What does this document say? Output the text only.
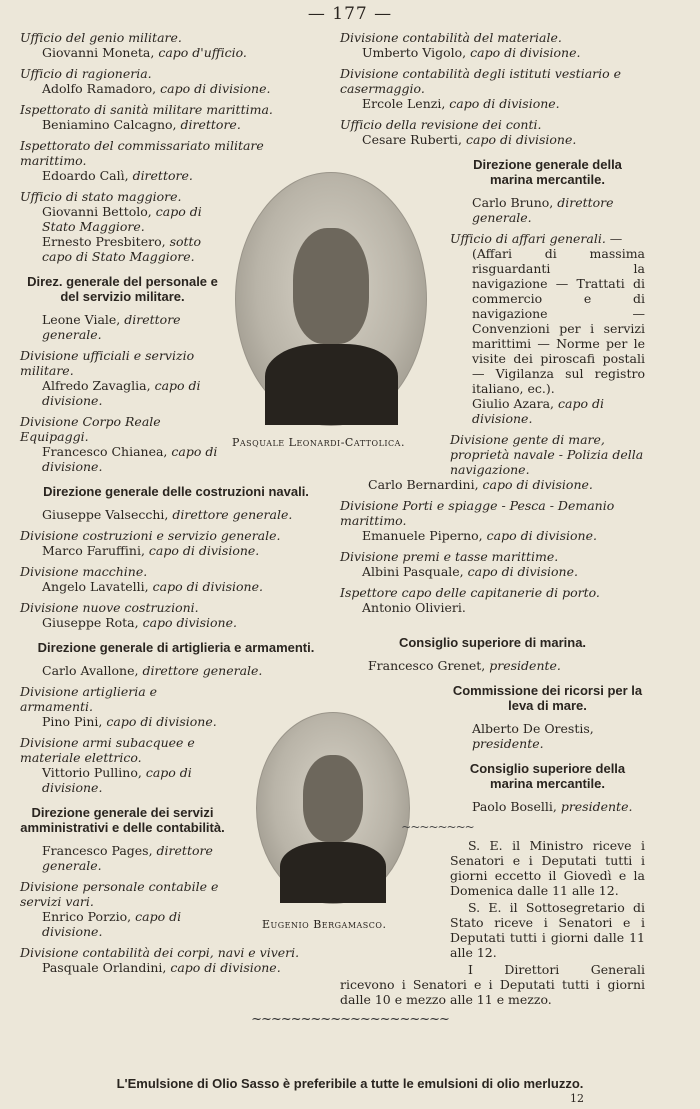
— 177 —
Ufficio del genio militare.
Giovanni Moneta, capo d'ufficio.
Ufficio di ragioneria.
Adolfo Ramadoro, capo di divisione.
Ispettorato di sanità militare marittima.
Beniamino Calcagno, direttore.
Ispettorato del commissariato militare marittimo.
Edoardo Calì, direttore.
Ufficio di stato maggiore.
Giovanni Bettolo, capo di Stato Maggiore.
Ernesto Presbitero, sotto capo di Stato Maggiore.
Direz. generale del personale e del servizio militare.
Leone Viale, direttore generale.
Divisione ufficiali e servizio militare.
Alfredo Zavaglia, capo di divisione.
Divisione Corpo Reale Equipaggi.
Francesco Chianea, capo di divisione.
Direzione generale delle costruzioni navali.
Giuseppe Valsecchi, direttore generale.
Divisione costruzioni e servizio generale.
Marco Faruffini, capo di divisione.
Divisione macchine.
Angelo Lavatelli, capo di divisione.
Divisione nuove costruzioni.
Giuseppe Rota, capo divisione.
Direzione generale di artiglieria e armamenti.
Carlo Avallone, direttore generale.
Divisione artiglieria e armamenti.
Pino Pini, capo di divisione.
Divisione armi subacquee e materiale elettrico.
Vittorio Pullino, capo di divisione.
Direzione generale dei servizi amministrativi e delle contabilità.
Francesco Pages, direttore generale.
Divisione personale contabile e servizi vari.
Enrico Porzio, capo di divisione.
Divisione contabilità dei corpi, navi e viveri.
Pasquale Orlandini, capo di divisione.
Pasquale Leonardi-Cattolica.
Eugenio Bergamasco.
Divisione contabilità del materiale.
Umberto Vigolo, capo di divisione.
Divisione contabilità degli istituti vestiario e casermaggio.
Ercole Lenzi, capo di divisione.
Ufficio della revisione dei conti.
Cesare Ruberti, capo di divisione.
Direzione generale della marina mercantile.
Carlo Bruno, direttore generale.
Ufficio di affari generali. —
(Affari di massima risguardanti la navigazione — Trattati di commercio e di navigazione — Convenzioni per i servizi marittimi — Norme per le visite dei piroscafi postali — Vigilanza sul registro italiano, ec.).
Giulio Azara, capo di divisione.
Divisione gente di mare, proprietà navale - Polizia della navigazione.
Carlo Bernardini, capo di divisione.
Divisione Porti e spiagge - Pesca - Demanio marittimo.
Emanuele Piperno, capo di divisione.
Divisione premi e tasse marittime.
Albini Pasquale, capo di divisione.
Ispettore capo delle capitanerie di porto.
Antonio Olivieri.
Consiglio superiore di marina.
Francesco Grenet, presidente.
Commissione dei ricorsi per la leva di mare.
Alberto De Orestis, presidente.
Consiglio superiore della marina mercantile.
Paolo Boselli, presidente.
~~~~~~~~
S. E. il Ministro riceve i Senatori e i Deputati tutti i giorni eccetto il Giovedì e la Domenica dalle 11 alle 12.
S. E. il Sottosegretario di Stato riceve i Senatori e i Deputati tutti i giorni dalle 11 alle 12.
I Direttori Generali ricevono i Senatori e i Deputati tutti i giorni dalle 10 e mezzo alle 11 e mezzo.
~~~~~~~~~~~~~~~~~~~~
L'Emulsione di Olio Sasso è preferibile a tutte le emulsioni di olio merluzzo.
12
